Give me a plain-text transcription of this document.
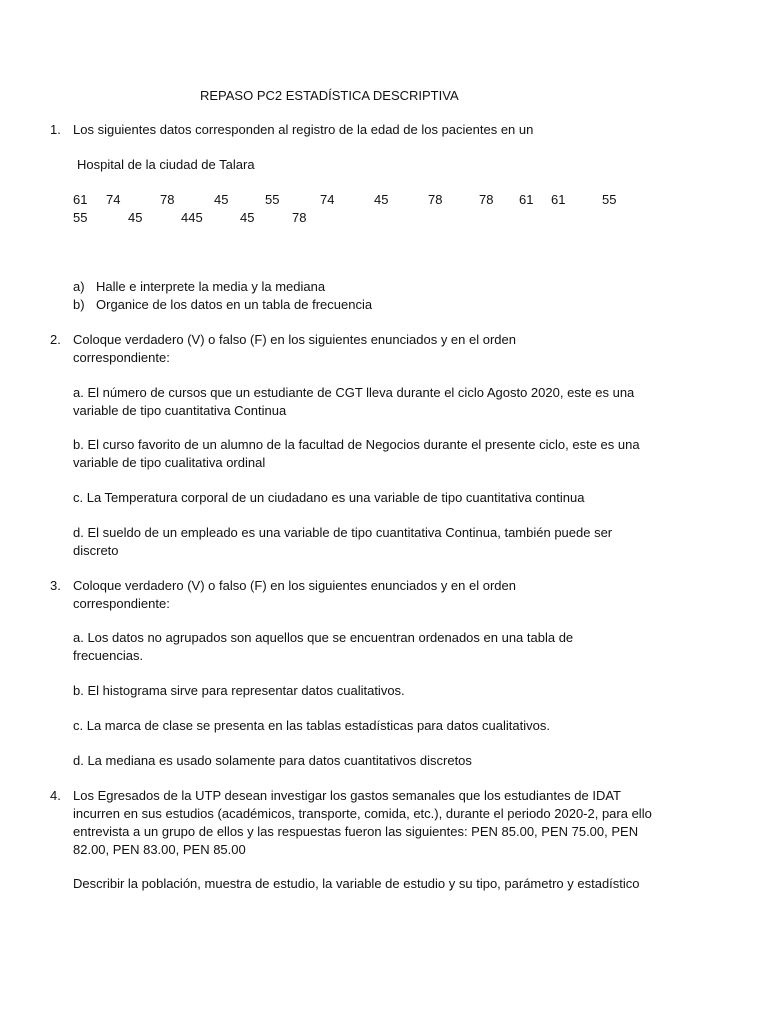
REPASO PC2 ESTADÍSTICA DESCRIPTIVA
1. Los siguientes datos corresponden al registro de la edad de los pacientes en un
Hospital de la ciudad de Talara
61 74	78	45	55	74	45	78	78 61 61	55
55	45	445	45	78
a) Halle e interprete la media y la mediana
b) Organice de los datos en un tabla de frecuencia
2. Coloque verdadero (V) o falso (F) en los siguientes enunciados y en el orden correspondiente:
a. El número de cursos que un estudiante de CGT lleva durante el ciclo Agosto 2020, este es una variable de tipo cuantitativa Continua
b. El curso favorito de un alumno de la facultad de Negocios durante el presente ciclo, este es una variable de tipo cualitativa ordinal
c. La Temperatura corporal de un ciudadano es una variable de tipo cuantitativa continua
d. El sueldo de un empleado es una variable de tipo cuantitativa Continua, también puede ser discreto
3. Coloque verdadero (V) o falso (F) en los siguientes enunciados y en el orden correspondiente:
a. Los datos no agrupados son aquellos que se encuentran ordenados en una tabla de frecuencias.
b. El histograma sirve para representar datos cualitativos.
c. La marca de clase se presenta en las tablas estadísticas para datos cualitativos.
d. La mediana es usado solamente para datos cuantitativos discretos
4. Los Egresados de la UTP desean investigar los gastos semanales que los estudiantes de IDAT incurren en sus estudios (académicos, transporte, comida, etc.), durante el periodo 2020-2, para ello entrevista a un grupo de ellos y las respuestas fueron las siguientes: PEN 85.00, PEN 75.00, PEN 82.00, PEN 83.00, PEN 85.00
Describir la población, muestra de estudio, la variable de estudio y su tipo, parámetro y estadístico
